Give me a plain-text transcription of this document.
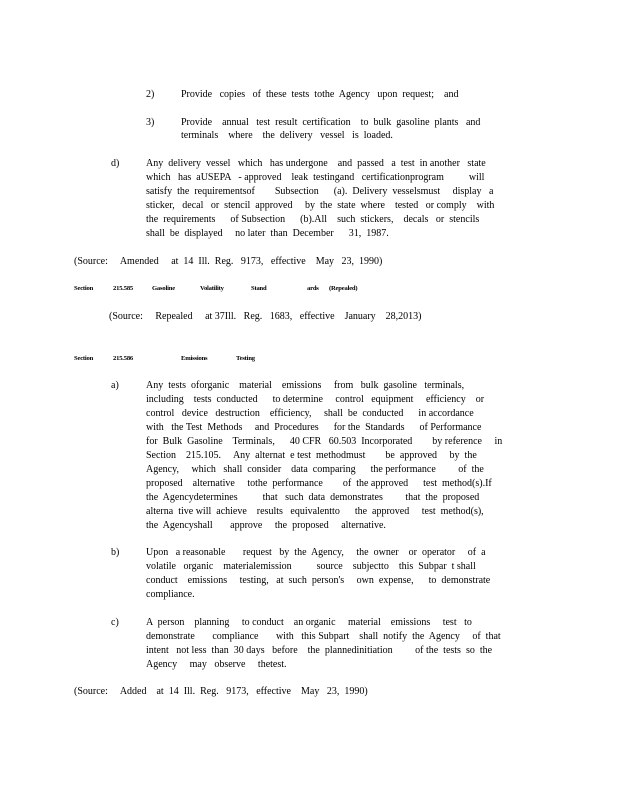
2)	Provide   copies   of  these  tests  tothe  Agency   upon  request;    and
3)	Provide    annual   test  result  certification    to  bulk  gasoline  plants   and
terminals    where    the  delivery   vessel   is  loaded.
d)	Any  delivery  vessel   which   has undergone    and  passed   a  test  in another   state
which   has  aUSEPA   - approved    leak  testingand   certificationprogram          will
satisfy  the  requirementsof        Subsection      (a).  Delivery  vesselsmust     display   a
sticker,   decal   or  stencil  approved     by  the  state  where    tested   or comply    with
the  requirements      of Subsection      (b).All    such  stickers,    decals   or  stencils
shall  be  displayed     no later  than  December      31,  1987.
(Source:     Amended     at  14  Ill.  Reg.   9173,   effective    May   23,  1990)
Section	215.585	Gasoline	Volatility	Stand	ards (Repealed)
(Source:     Repealed     at 37Ill.   Reg.   1683,   effective    January    28,2013)
Section	215.586	Emissions	Testing
a)	Any  tests  oforganic    material    emissions     from   bulk  gasoline   terminals,
including    tests  conducted      to determine     control   equipment     efficiency    or
control   device   destruction    efficiency,     shall  be  conducted      in accordance
with   the Test  Methods     and  Procedures      for the  Standards      of Performance
for  Bulk  Gasoline    Terminals,      40 CFR   60.503  Incorporated        by reference     in
Section    215.105.     Any  alternat  e test  methodmust        be  approved     by  the
Agency,     which   shall  consider    data  comparing      the performance         of  the
proposed    alternative     tothe  performance        of  the approved      test  method(s).If
the  Agencydetermines          that   such  data  demonstrates         that  the  proposed
alterna  tive will  achieve    results   equivalentto      the  approved     test  method(s),
the  Agencyshall       approve     the  proposed     alternative.
b)	Upon   a reasonable       request   by  the  Agency,     the  owner    or  operator     of  a
volatile   organic    materialemission          source    subjectto    this  Subpar  t shall
conduct    emissions     testing,   at  such  person's     own  expense,      to  demonstrate
compliance.
c)	A  person    planning     to conduct    an organic     material    emissions     test   to
demonstrate       compliance       with   this Subpart    shall  notify  the  Agency     of  that
intent   not less  than  30 days   before    the  plannedinitiation         of the  tests  so  the
Agency     may   observe     thetest.
(Source:     Added    at  14  Ill.  Reg.   9173,   effective    May   23,  1990)
